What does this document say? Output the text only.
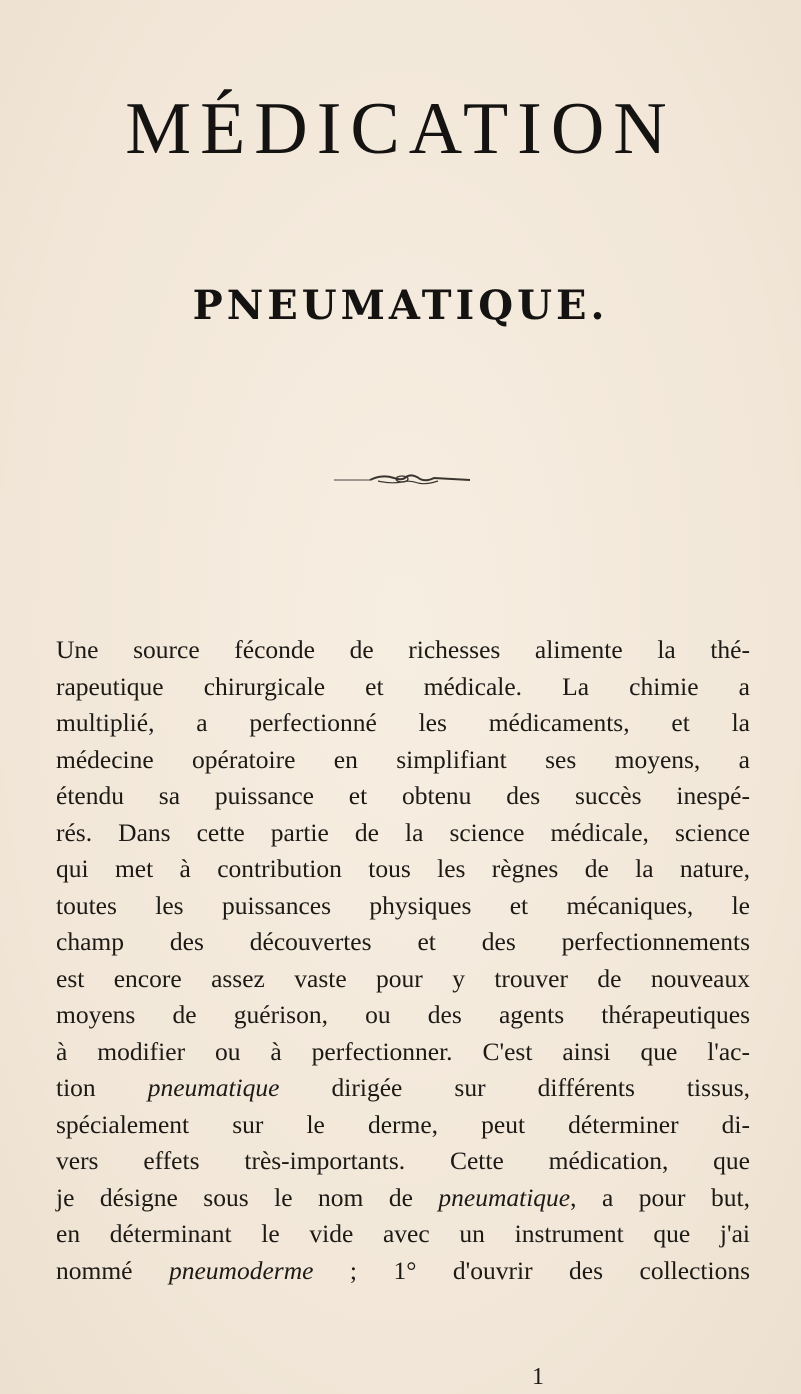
MÉDICATION
PNEUMATIQUE.
Une source féconde de richesses alimente la thé-
rapeutique chirurgicale et médicale. La chimie a
multiplié, a perfectionné les médicaments, et la
médecine opératoire en simplifiant ses moyens, a
étendu sa puissance et obtenu des succès inespé-
rés. Dans cette partie de la science médicale, science
qui met à contribution tous les règnes de la nature,
toutes les puissances physiques et mécaniques, le
champ des découvertes et des perfectionnements
est encore assez vaste pour y trouver de nouveaux
moyens de guérison, ou des agents thérapeutiques
à modifier ou à perfectionner. C'est ainsi que l'ac-
tion pneumatique dirigée sur différents tissus,
spécialement sur le derme, peut déterminer di-
vers effets très-importants. Cette médication, que
je désigne sous le nom de pneumatique, a pour but,
en déterminant le vide avec un instrument que j'ai
nommé pneumoderme ; 1° d'ouvrir des collections
1
